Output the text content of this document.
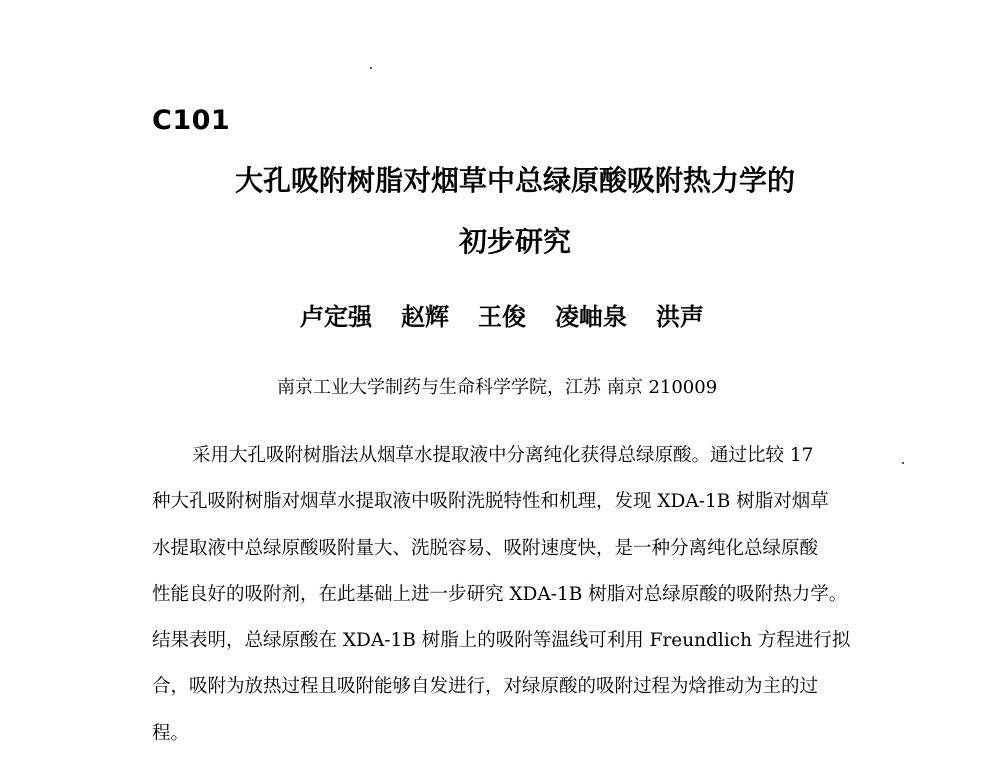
C101
大孔吸附树脂对烟草中总绿原酸吸附热力学的
初步研究
卢定强 赵辉 王俊 凌岫泉 洪声
南京工业大学制药与生命科学学院，江苏 南京 210009
采用大孔吸附树脂法从烟草水提取液中分离纯化获得总绿原酸。通过比较 17
种大孔吸附树脂对烟草水提取液中吸附洗脱特性和机理，发现 XDA-1B 树脂对烟草
水提取液中总绿原酸吸附量大、洗脱容易、吸附速度快，是一种分离纯化总绿原酸
性能良好的吸附剂，在此基础上进一步研究 XDA-1B 树脂对总绿原酸的吸附热力学。
结果表明，总绿原酸在 XDA-1B 树脂上的吸附等温线可利用 Freundlich 方程进行拟
合，吸附为放热过程且吸附能够自发进行，对绿原酸的吸附过程为焓推动为主的过
程。
